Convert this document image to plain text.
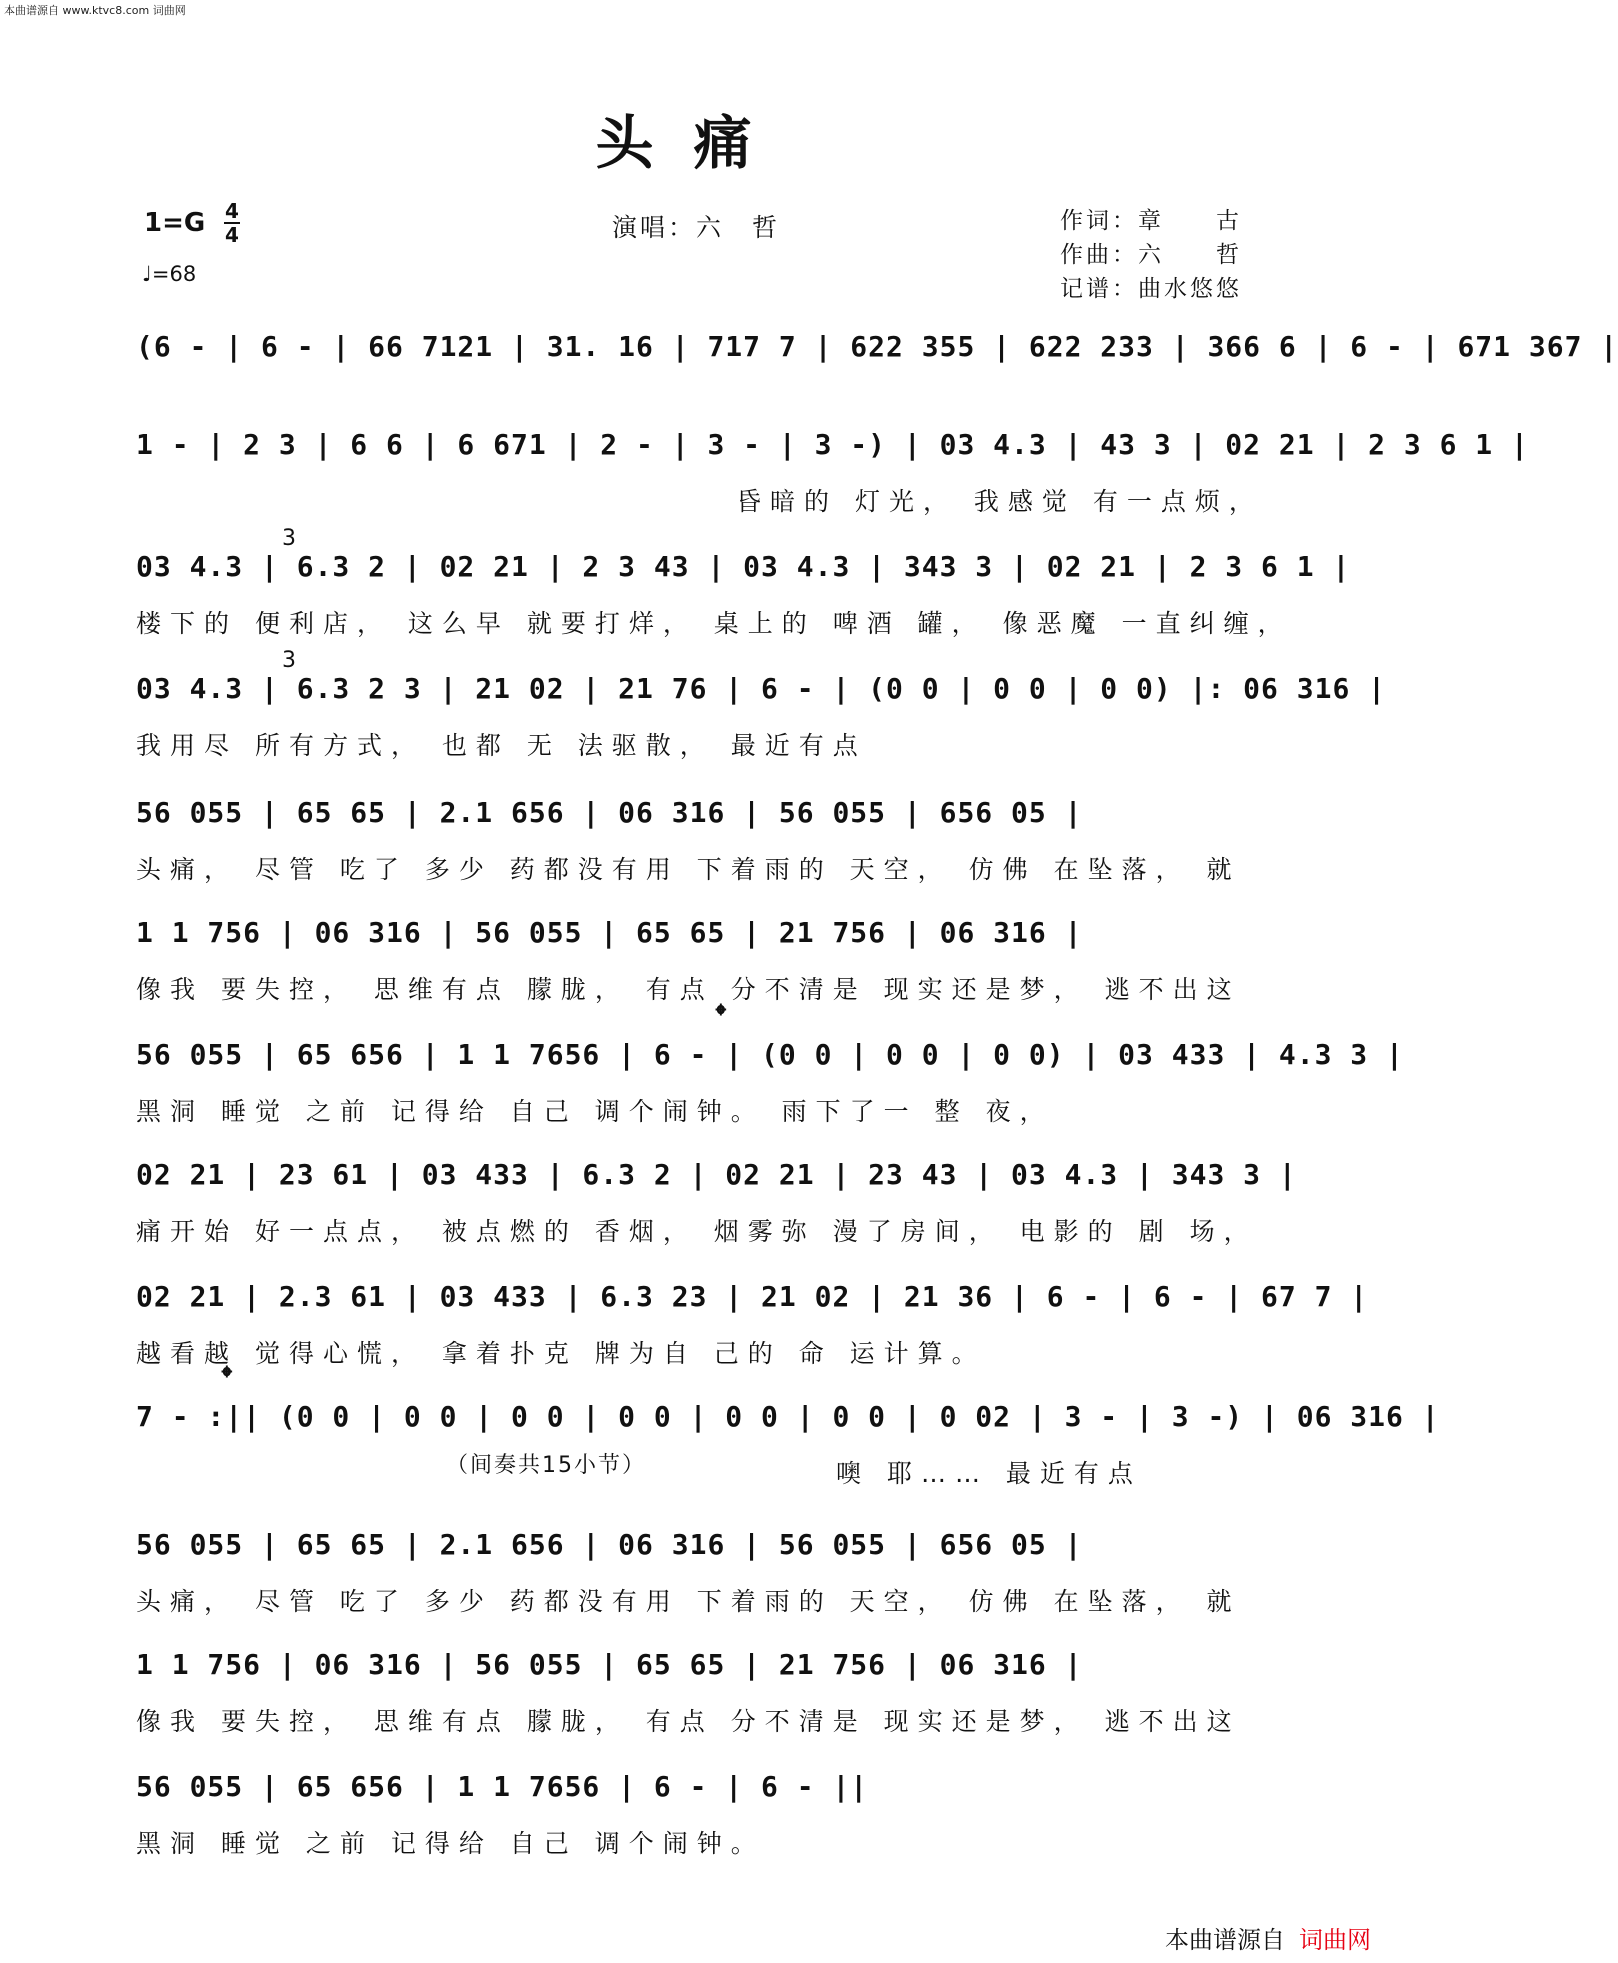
本曲谱源自 www.ktvc8.com 词曲网
头痛
1=G 4
4
♩=68
演唱：六　哲	作词：章　　古
作曲：六　　哲
记谱：曲水悠悠
(6 - | 6 - | 66 7121 | 31. 16 | 717 7 | 622 355 | 622 233 | 366 6 | 6 - | 671 367 |
1 - | 2 3 | 6 6 | 6 671 | 2 - | 3 - | 3 -) | 03 4.3 | 43 3 | 02 21 | 2 3 6 1 |
昏暗的 灯光， 我感觉 有一点烦，
3
03 4.3 | 6.3 2 | 02 21 | 2 3 43 | 03 4.3 | 343 3 | 02 21 | 2 3 6 1 |
楼下的 便利店， 这么早 就要打烊， 桌上的 啤酒 罐， 像恶魔 一直纠缠，
3
03 4.3 | 6.3 2 3 | 21 02 | 21 76 | 6 - | (0 0 | 0 0 | 0 0) |: 06 316 |
我用尽 所有方式， 也都 无 法驱散， 最近有点
56 055 | 65 65 | 2.1 656 | 06 316 | 56 055 | 656 05 |
头痛， 尽管 吃了 多少 药都没有用 下着雨的 天空， 仿佛 在坠落， 就
1 1 756 | 06 316 | 56 055 | 65 65 | 21 756 | 06 316 |
像我 要失控， 思维有点 朦胧， 有点 分不清是 现实还是梦， 逃不出这
𝄌
56 055 | 65 656 | 1 1 7656 | 6 - | (0 0 | 0 0 | 0 0) | 03 433 | 4.3 3 |
黑洞 睡觉 之前 记得给 自己 调个闹钟。 雨下了一 整 夜，
02 21 | 23 61 | 03 433 | 6.3 2 | 02 21 | 23 43 | 03 4.3 | 343 3 |
痛开始 好一点点， 被点燃的 香烟， 烟雾弥 漫了房间， 电影的 剧 场，
02 21 | 2.3 61 | 03 433 | 6.3 23 | 21 02 | 21 36 | 6 - | 6 - | 67 7 |
越看越 觉得心慌， 拿着扑克 牌为自 己的 命 运计算。
𝄌
7 - :|| (0 0 | 0 0 | 0 0 | 0 0 | 0 0 | 0 0 | 0 02 | 3 - | 3 -) | 06 316 |
（间奏共15小节）	噢 耶…… 最近有点
56 055 | 65 65 | 2.1 656 | 06 316 | 56 055 | 656 05 |
头痛， 尽管 吃了 多少 药都没有用 下着雨的 天空， 仿佛 在坠落， 就
1 1 756 | 06 316 | 56 055 | 65 65 | 21 756 | 06 316 |
像我 要失控， 思维有点 朦胧， 有点 分不清是 现实还是梦， 逃不出这
56 055 | 65 656 | 1 1 7656 | 6 - | 6 - ||
黑洞 睡觉 之前 记得给 自己 调个闹钟。
本曲谱源自 词曲网
